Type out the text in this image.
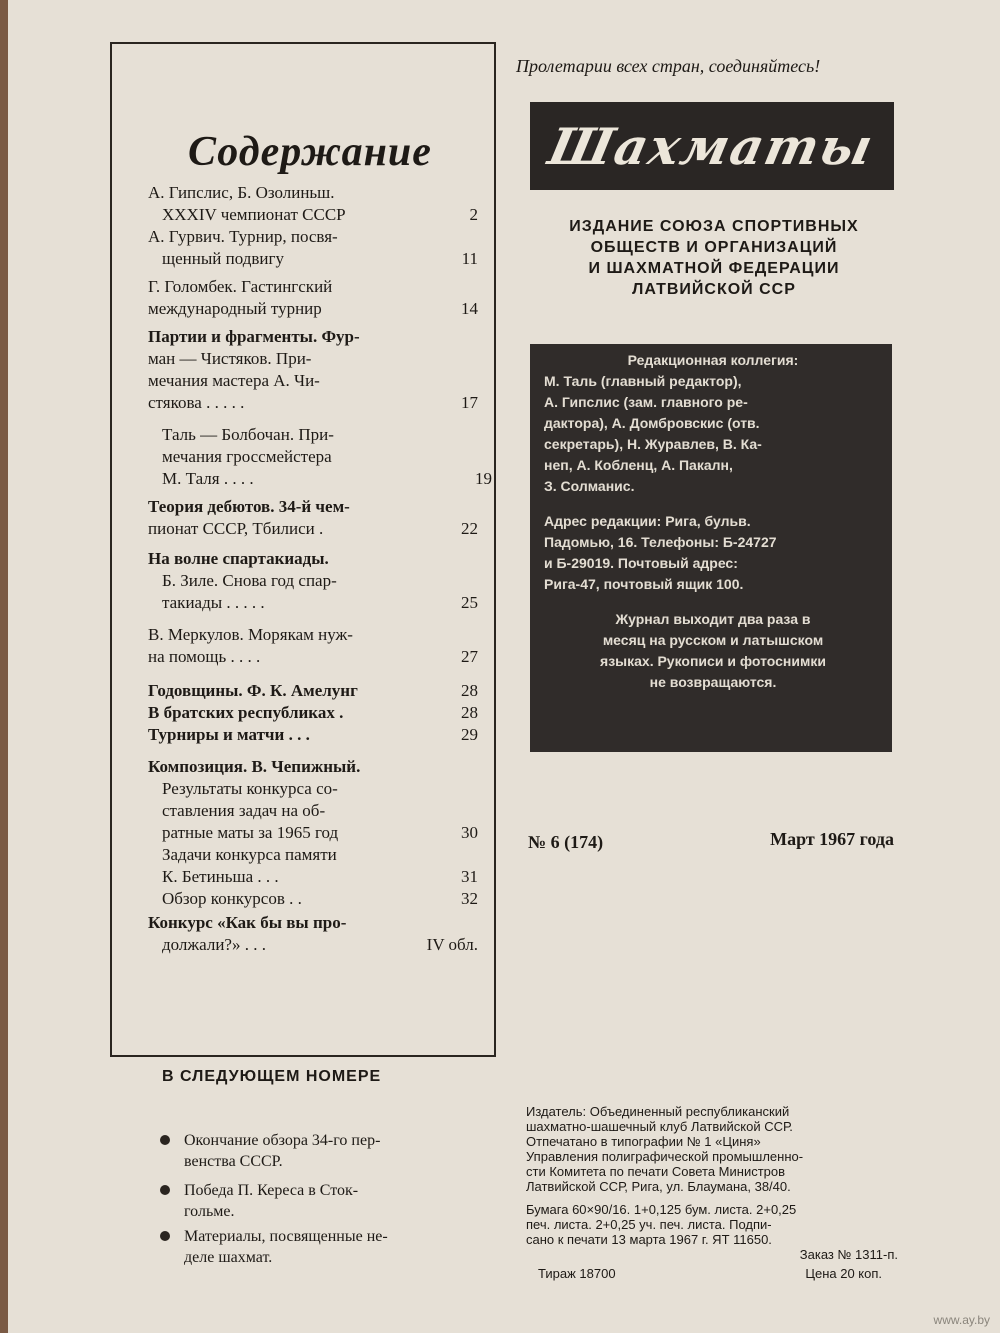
Содержание
А. Гипслис, Б. Озолиньш.
XXXIV чемпионат СССР	2
А. Гурвич. Турнир, посвя-
щенный подвигу	11
Г. Голомбек. Гастингский
международный турнир	14
Партии и фрагменты. Фур-
ман — Чистяков. При-
мечания мастера А. Чи-
стякова . . . . .	17
Таль — Болбочан. При-
мечания гроссмейстера
М. Таля . . . .	19
Теория дебютов. 34-й чем-
пионат СССР, Тбилиси .	22
На волне спартакиады.
Б. Зиле. Снова год спар-
такиады . . . . .	25
В. Меркулов. Морякам нуж-
на помощь . . . .	27
Годовщины. Ф. К. Амелунг	28
В братских республиках .	28
Турниры и матчи . . .	29
Композиция. В. Чепижный.
Результаты конкурса со-
ставления задач на об-
ратные маты за 1965 год	30
Задачи конкурса памяти
К. Бетиньша . . .	31
Обзор конкурсов . .	32
Конкурс «Как бы вы про-
должали?» . . .	IV обл.
В СЛЕДУЮЩЕМ НОМЕРЕ
Окончание обзора 34-го пер-
венства СССР.
Победа П. Кереса в Сток-
гольме.
Материалы, посвященные не-
деле шахмат.
Пролетарии всех стран, соединяйтесь!
Шахматы
ИЗДАНИЕ СОЮЗА СПОРТИВНЫХ
ОБЩЕСТВ И ОРГАНИЗАЦИЙ
И ШАХМАТНОЙ ФЕДЕРАЦИИ
ЛАТВИЙСКОЙ ССР
Редакционная коллегия:
М. Таль (главный редактор),
А. Гипслис (зам. главного ре-
дактора), А. Домбровскис (отв.
секретарь), Н. Журавлев, В. Ка-
неп, А. Кобленц, А. Пакалн,
З. Солманис.
Адрес редакции: Рига, бульв.
Падомью, 16. Телефоны: Б-24727
и Б-29019. Почтовый адрес:
Рига-47, почтовый ящик 100.
Журнал выходит два раза в
месяц на русском и латышском
языках. Рукописи и фотоснимки
не возвращаются.
№ 6 (174)	Март 1967 года
Издатель: Объединенный республиканский
шахматно-шашечный клуб Латвийской ССР.
Отпечатано в типографии № 1 «Циня»
Управления полиграфической промышленно-
сти Комитета по печати Совета Министров
Латвийской ССР, Рига, ул. Блаумана, 38/40.
Бумага 60×90/16. 1+0,125 бум. листа. 2+0,25
печ. листа. 2+0,25 уч. печ. листа. Подпи-
сано к печати 13 марта 1967 г. ЯТ 11650.
Заказ № 1311-п.
Тираж 18700	Цена 20 коп.
www.ay.by
